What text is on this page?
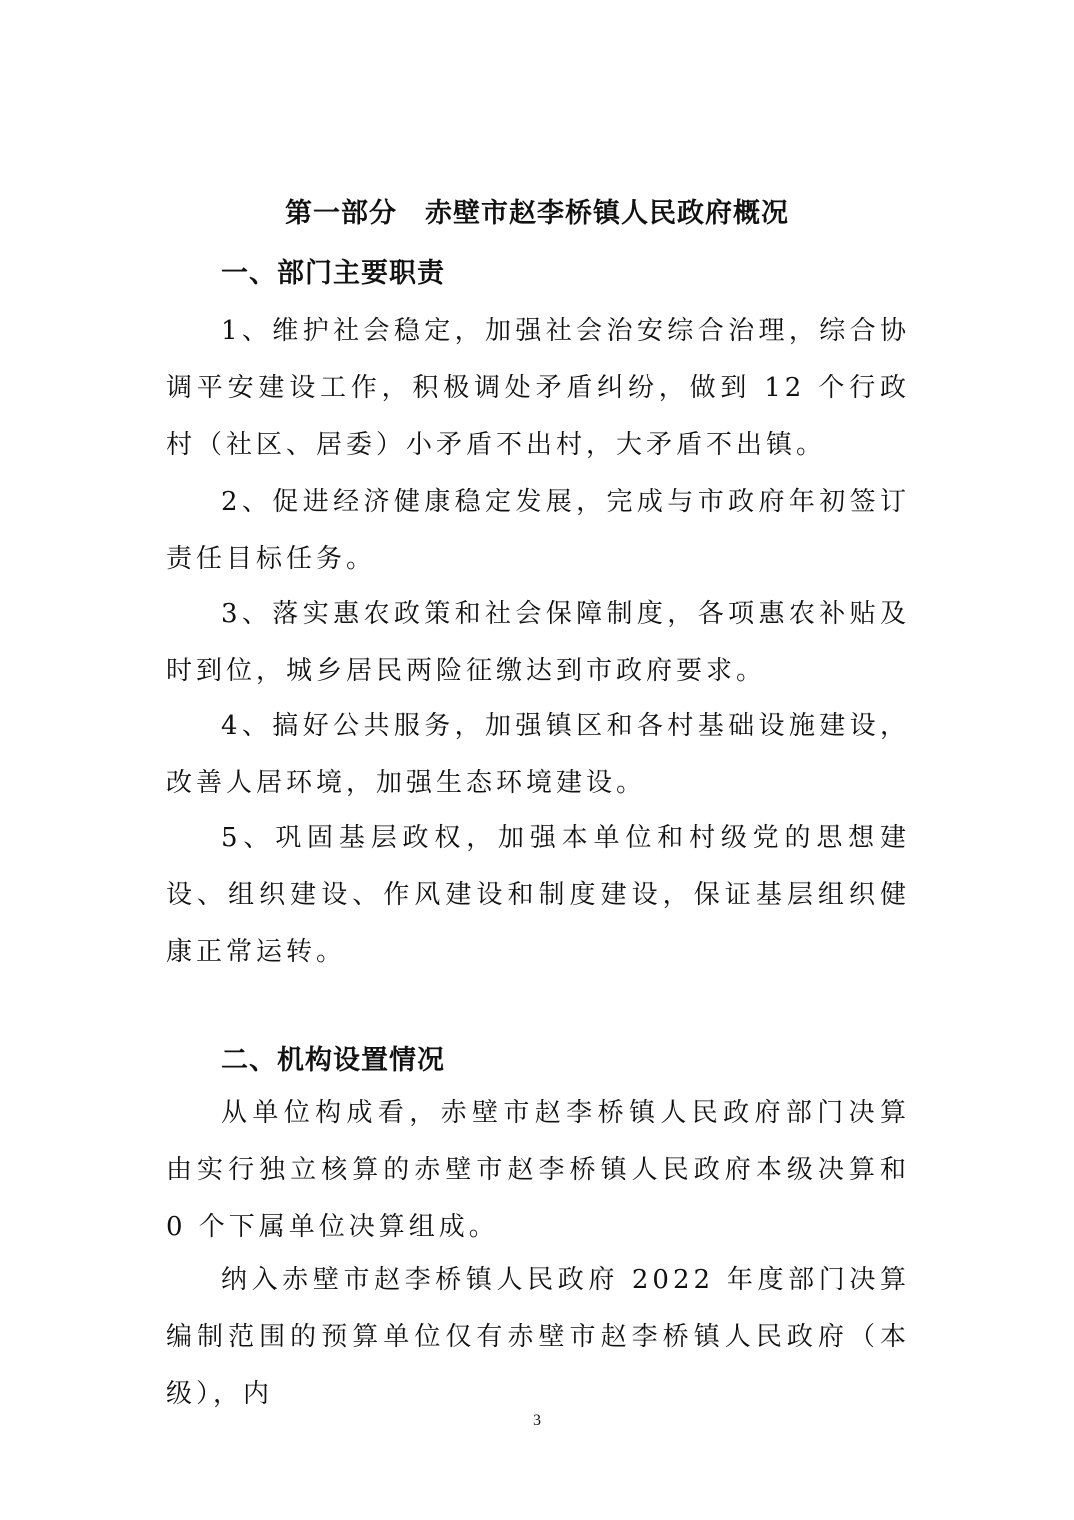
第一部分　赤壁市赵李桥镇人民政府概况
一、部门主要职责
1、维护社会稳定，加强社会治安综合治理，综合协调平安建设工作，积极调处矛盾纠纷，做到 12 个行政村（社区、居委）小矛盾不出村，大矛盾不出镇。
2、促进经济健康稳定发展，完成与市政府年初签订责任目标任务。
3、落实惠农政策和社会保障制度，各项惠农补贴及时到位，城乡居民两险征缴达到市政府要求。
4、搞好公共服务，加强镇区和各村基础设施建设，改善人居环境，加强生态环境建设。
5、巩固基层政权，加强本单位和村级党的思想建设、组织建设、作风建设和制度建设，保证基层组织健康正常运转。
二、机构设置情况
从单位构成看，赤壁市赵李桥镇人民政府部门决算由实行独立核算的赤壁市赵李桥镇人民政府本级决算和 0 个下属单位决算组成。
纳入赤壁市赵李桥镇人民政府 2022 年度部门决算编制范围的预算单位仅有赤壁市赵李桥镇人民政府（本级），内
3
